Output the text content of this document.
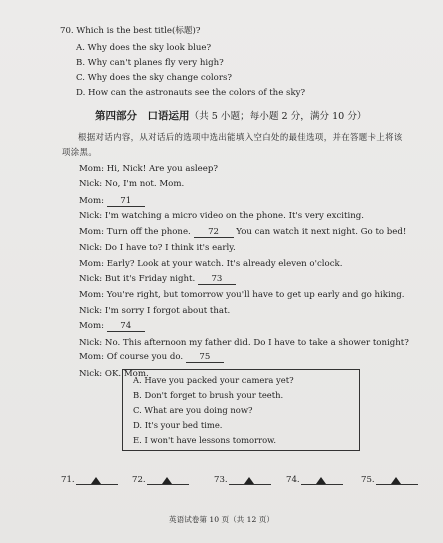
70. Which is the best title(标题)?
A. Why does the sky look blue?
B. Why can't planes fly very high?
C. Why does the sky change colors?
D. How can the astronauts see the colors of the sky?
第四部分　口语运用（共 5 小题；每小题 2 分，满分 10 分）
根据对话内容，从对话后的选项中选出能填入空白处的最佳选项，并在答题卡上将该项涂黑。
Mom: Hi, Nick! Are you asleep?
Nick: No, I'm not. Mom.
Mom: 71
Nick: I'm watching a micro video on the phone. It's very exciting.
Mom: Turn off the phone. 72 You can watch it next night. Go to bed!
Nick: Do I have to? I think it's early.
Mom: Early? Look at your watch. It's already eleven o'clock.
Nick: But it's Friday night. 73
Mom: You're right, but tomorrow you'll have to get up early and go hiking.
Nick: I'm sorry I forgot about that.
Mom: 74
Nick: No. This afternoon my father did. Do I have to take a shower tonight?
Mom: Of course you do. 75
Nick: OK. Mom.
A. Have you packed your camera yet?
B. Don't forget to brush your teeth.
C. What are you doing now?
D. It's your bed time.
E. I won't have lessons tomorrow.
71.	72.	73.	74.	75.
英语试卷第 10 页（共 12 页）
